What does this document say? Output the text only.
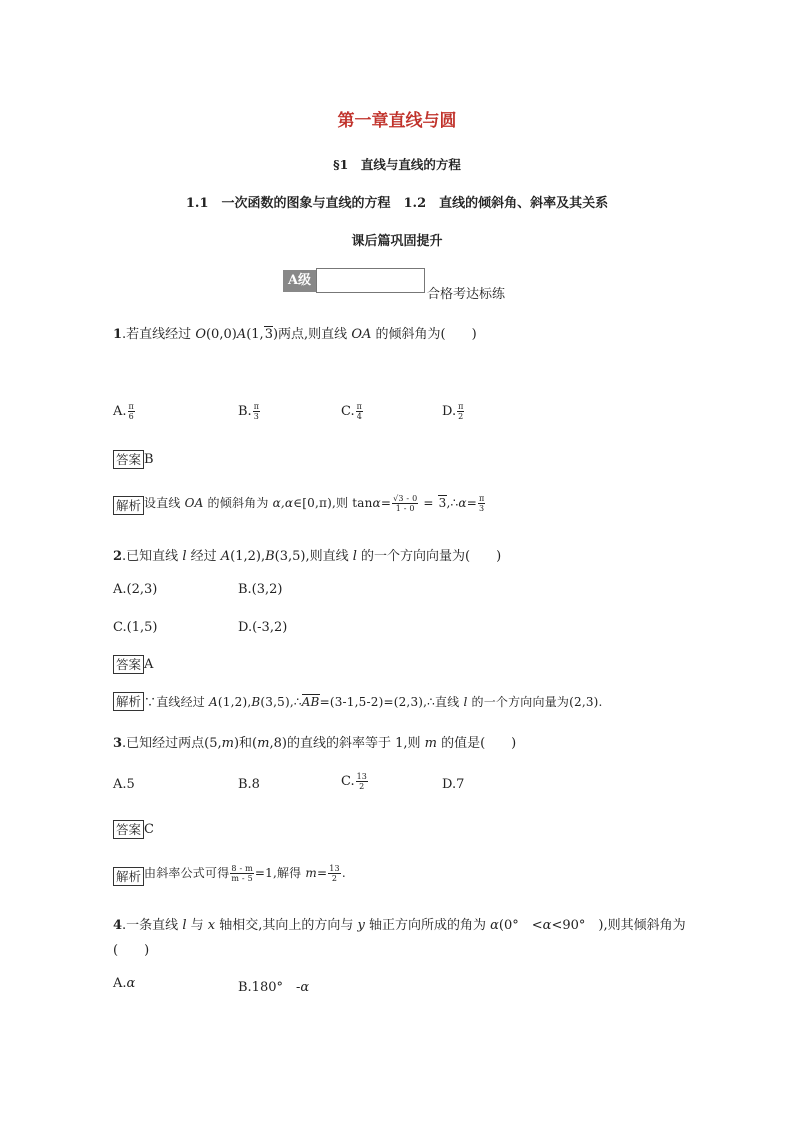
第一章直线与圆
§1　直线与直线的方程
1.1　一次函数的图象与直线的方程　1.2　直线的倾斜角、斜率及其关系
课后篇巩固提升
A级
合格考达标练
1.若直线经过 O(0,0)A(1,3)两点,则直线 OA 的倾斜角为(　　)
A. $\frac{\pi}{6}$	B. $\frac{\pi}{3}$	C. $\frac{\pi}{4}$	D. $\frac{\pi}{2}$
答案 B
解析 设直线 OA 的倾斜角为 α,α∈[0,π),则 $\tan\alpha= \frac{√3 - 0}{1 - 0}$ = 3,∴α= $\frac{\pi}{3}$
2.已知直线 l 经过 A(1,2),B(3,5),则直线 l 的一个方向向量为(　　)
A.(2,3)	B.(3,2)
C.(1,5)	D.(-3,2)
答案 A
解析 ∵直线经过 A(1,2),B(3,5),∴AB=(3-1,5-2)=(2,3),∴直线 l 的一个方向向量为(2,3).
3.已知经过两点(5,m)和(m,8)的直线的斜率等于 1,则 m 的值是(　　)
A.5	B.8	C. $\frac{13}{2}$	D.7
答案 C
解析 由斜率公式可得 $\frac{8 - m}{m - 5} =1$,解得 $m= \frac{13}{2}$ .
4.一条直线 l 与 x 轴相交,其向上的方向与 y 轴正方向所成的角为 α(0°　<α<90°　),则其倾斜角为
(　　)
A.α	B.180°　-α
